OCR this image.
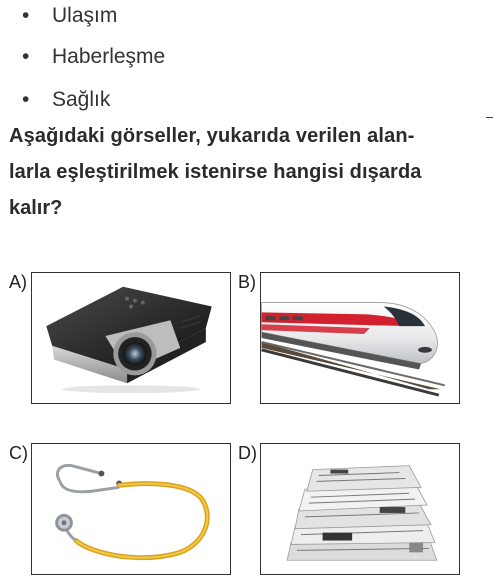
• Ulaşım
• Haberleşme
• Sağlık
Aşağıdaki görseller, yukarıda verilen alan-
larla eşleştirilmek istenirse hangisi dışarda
kalır?
A)	B)
C)	D)
